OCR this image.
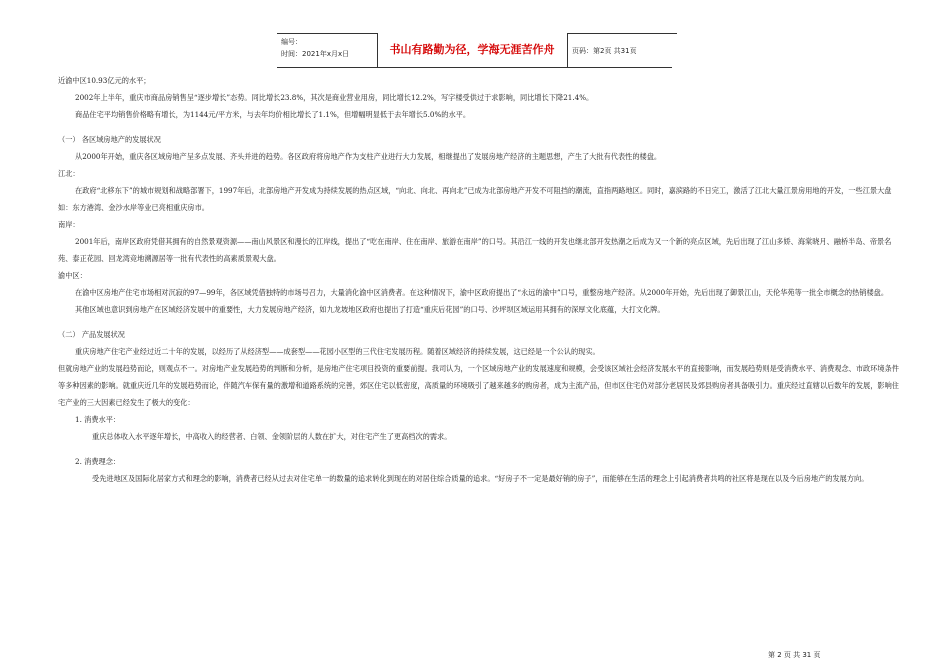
编号：
时间：2021年x月x日	书山有路勤为径，学海无涯苦作舟	页码：第2页 共31页

近渝中区10.93亿元的水平；

2002年上半年，重庆市商品房销售呈“逐步增长”态势。同比增长23.8%，其次是商业营业用房，同比增长12.2%，写字楼受供过于求影响，同比增长下降21.4%。

商品住宅平均销售价格略有增长，为1144元/平方米，与去年均价相比增长了1.1%，但增幅明显低于去年增长5.0%的水平。

（一） 各区域房地产的发展状况

从2000年开始，重庆各区域房地产呈多点发展、齐头并进的趋势。各区政府将房地产作为支柱产业进行大力发展，相继提出了发展房地产经济的主题思想，产生了大批有代表性的楼盘。

江北：

在政府“北移东下”的城市规划和战略部署下，1997年后，北部房地产开发成为持续发展的热点区域，“向北、向北、再向北”已成为北部房地产开发不可阻挡的潮流，直指两路地区。同时，嘉滨路的不日完工，激活了江北大量江景房用地的开发，一些江景大盘如：东方港湾、金沙水岸等业已亮相重庆房市。

南岸：

2001年后，南岸区政府凭借其拥有的自然景观资源——南山风景区和漫长的江岸线，提出了“吃在南岸、住在南岸、旅游在南岸”的口号。其沿江一线的开发也继北部开发热潮之后成为又一个新的亮点区域，先后出现了江山多娇、海棠晓月、融桥半岛、帝景名苑、泰正花园、回龙湾竞地溯源居等一批有代表性的高素质景观大盘。

渝中区：

在渝中区房地产住宅市场相对沉寂的97—99年，各区域凭借独特的市场号召力，大量消化渝中区消费者。在这种情况下，渝中区政府提出了“永远的渝中”口号，重整房地产经济。从2000年开始，先后出现了御景江山，天伦华苑等一批全市概念的热销楼盘。

其他区域也意识到房地产在区域经济发展中的重要性，大力发展房地产经济，如九龙坡地区政府也提出了打造“重庆后花园”的口号、沙坪坝区域运用其拥有的深厚文化底蕴，大打文化牌。

（二） 产品发展状况

重庆房地产住宅产业经过近二十年的发展，以经历了从经济型——成套型——花园小区型的三代住宅发展历程。随着区域经济的持续发展，这已经是一个公认的现实。

但就房地产业的发展趋势而论，则观点不一。对房地产业发展趋势的判断和分析，是房地产住宅项目投资的重要前提。我司认为，一个区域房地产业的发展速度和规模，会受该区域社会经济发展水平的直接影响，而发展趋势则是受消费水平、消费观念、市政环境条件等多种因素的影响。就重庆近几年的发展趋势而论，伴随汽车保有量的激增和道路系统的完善，郊区住宅以低密度，高质量的环境吸引了越来越多的购房者，成为主流产品，但市区住宅仍对部分老居民及郊县购房者具备吸引力。重庆经过直辖以后数年的发展，影响住宅产业的三大因素已经发生了极大的变化：

1. 消费水平：

重庆总体收入水平逐年增长，中高收入的经营者、白领、金领阶层的人数在扩大，对住宅产生了更高档次的需求。

2. 消费理念：

受先进地区及国际化居家方式和理念的影响，消费者已经从过去对住宅单一的数量的追求转化到现在的对居住综合质量的追求。“好房子不一定是最好销的房子”，而能够在生活的理念上引起消费者共鸣的社区将是现在以及今后房地产的发展方向。

第 2 页 共 31 页
